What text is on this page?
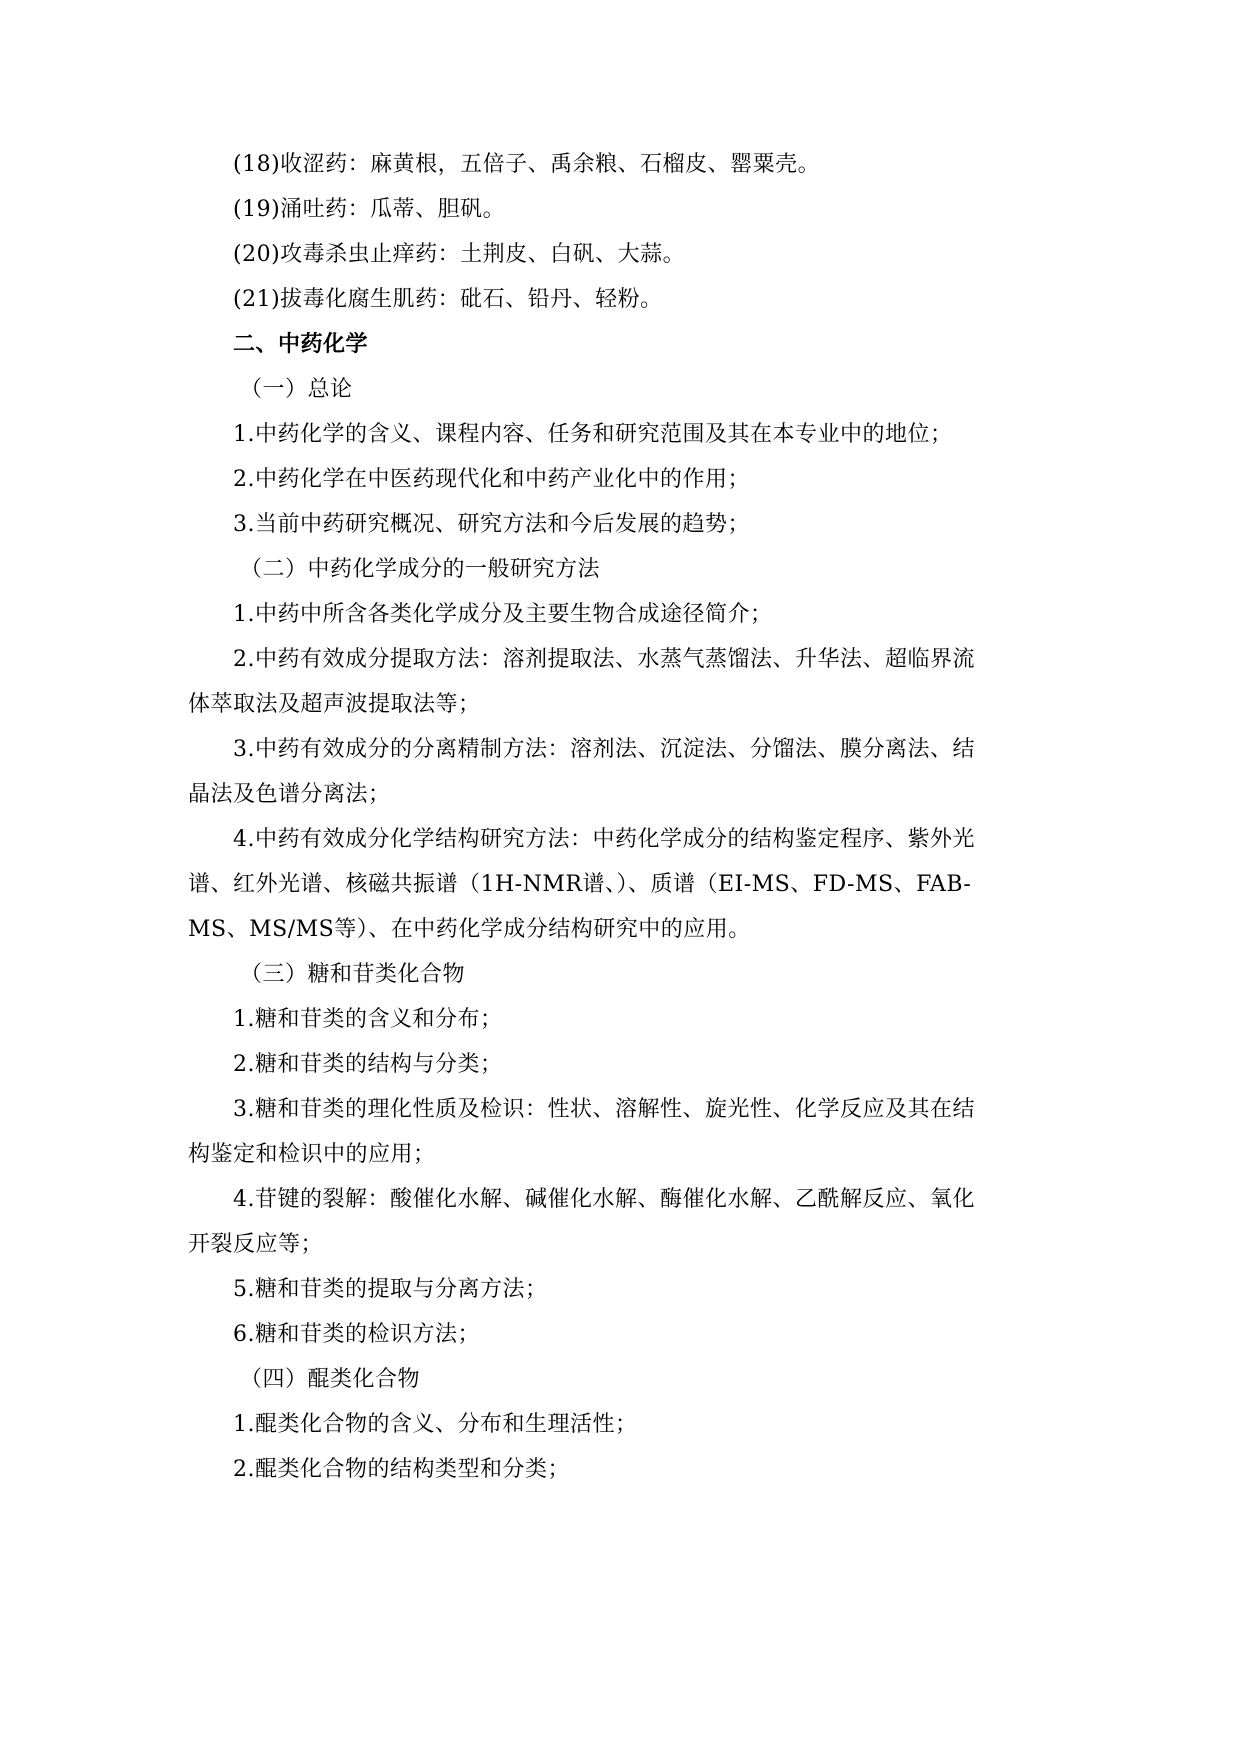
(18)收涩药：麻黄根，五倍子、禹余粮、石榴皮、罂粟壳。
(19)涌吐药：瓜蒂、胆矾。
(20)攻毒杀虫止痒药：土荆皮、白矾、大蒜。
(21)拔毒化腐生肌药：砒石、铅丹、轻粉。
二、中药化学
（一）总论
1.中药化学的含义、课程内容、任务和研究范围及其在本专业中的地位；
2.中药化学在中医药现代化和中药产业化中的作用；
3.当前中药研究概况、研究方法和今后发展的趋势；
（二）中药化学成分的一般研究方法
1.中药中所含各类化学成分及主要生物合成途径简介；
2.中药有效成分提取方法：溶剂提取法、水蒸气蒸馏法、升华法、超临界流
体萃取法及超声波提取法等；
3.中药有效成分的分离精制方法：溶剂法、沉淀法、分馏法、膜分离法、结
晶法及色谱分离法；
4.中药有效成分化学结构研究方法：中药化学成分的结构鉴定程序、紫外光
谱、红外光谱、核磁共振谱（1H-NMR谱、）、质谱（EI-MS、FD-MS、FAB-
MS、MS/MS等）、在中药化学成分结构研究中的应用。
（三）糖和苷类化合物
1.糖和苷类的含义和分布；
2.糖和苷类的结构与分类；
3.糖和苷类的理化性质及检识：性状、溶解性、旋光性、化学反应及其在结
构鉴定和检识中的应用；
4.苷键的裂解：酸催化水解、碱催化水解、酶催化水解、乙酰解反应、氧化
开裂反应等；
5.糖和苷类的提取与分离方法；
6.糖和苷类的检识方法；
（四）醌类化合物
1.醌类化合物的含义、分布和生理活性；
2.醌类化合物的结构类型和分类；
